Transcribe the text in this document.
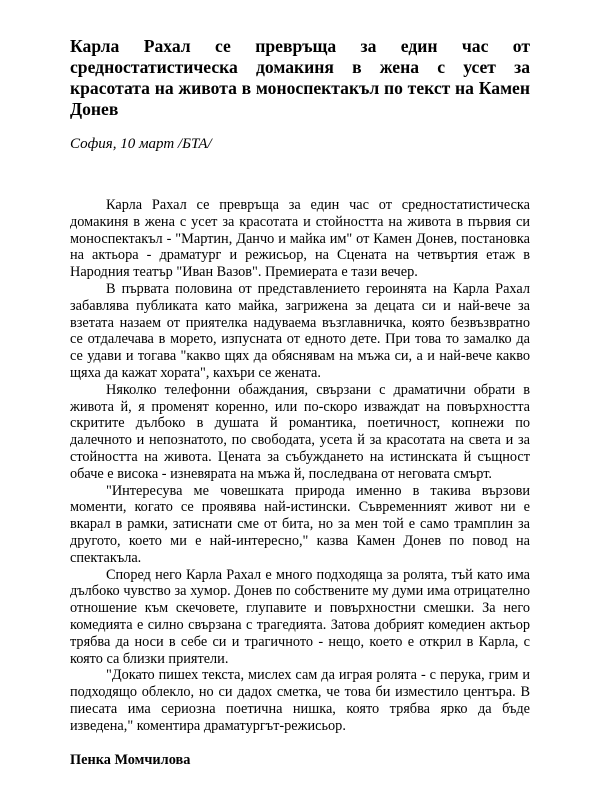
Карла Рахал се превръща за един час от средностатистическа домакиня в жена с усет за красотата на живота в моноспектакъл по текст на Камен Донев

София, 10 март /БТА/

Карла Рахал се превръща за един час от средностатистическа домакиня в жена с усет за красотата и стойността на живота в първия си моноспектакъл - "Мартин, Данчо и майка им" от Камен Донев, постановка на актьора - драматург и режисьор, на Сцената на четвъртия етаж в Народния театър "Иван Вазов". Премиерата е тази вечер.

В първата половина от представлението героинята на Карла Рахал забавлява публиката като майка, загрижена за децата си и най-вече за взетата назаем от приятелка надуваема възглавничка, която безвъзвратно се отдалечава в морето, изпусната от едното дете. При това то замалко да се удави и тогава "какво щях да обяснявам на мъжа си, а и най-вече какво щяха да кажат хората", кахъри се жената.

Няколко телефонни обаждания, свързани с драматични обрати в живота й, я променят коренно, или по-скоро изваждат на повърхността скритите дълбоко в душата й романтика, поетичност, копнежи по далечното и непознатото, по свободата, усета й за красотата на света и за стойността на живота. Цената за събуждането на истинската й същност обаче е висока - изневярата на мъжа й, последвана от неговата смърт.

"Интересува ме човешката природа именно в такива вързови моменти, когато се проявява най-истински. Съвременният живот ни е вкарал в рамки, затиснати сме от бита, но за мен той е само трамплин за другото, което ми е най-интересно," казва Камен Донев по повод на спектакъла.

Според него Карла Рахал е много подходяща за ролята, тъй като има дълбоко чувство за хумор. Донев по собствените му думи има отрицателно отношение към скечовете, глупавите и повърхностни смешки. За него комедията е силно свързана с трагедията. Затова добрият комедиен актьор трябва да носи в себе си и трагичното - нещо, което е открил в Карла, с която са близки приятели.

"Докато пишех текста, мислех сам да играя ролята - с перука, грим и подходящо облекло, но си дадох сметка, че това би изместило центъра. В пиесата има сериозна поетична нишка, която трябва ярко да бъде изведена," коментира драматургът-режисьор.

Пенка Момчилова
